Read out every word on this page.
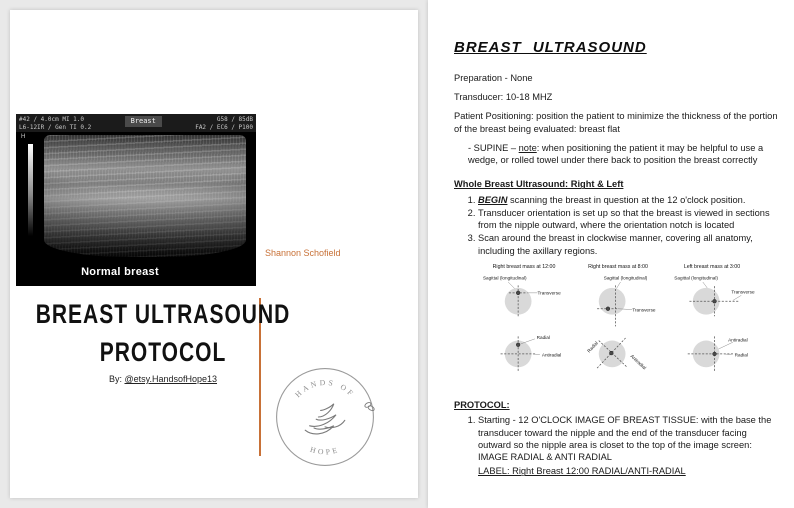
#42 / 4.0cm MI 1.0
L6-12IR / Gen TI 0.2
Breast	G58 / 85dB
FA2 / EC6 / P100
H
Normal breast
Shannon Schofield
BREAST ULTRASOUND
PROTOCOL
By: @etsy.HandsofHope13
HANDS OF
HOPE
BREAST ULTRASOUND
Preparation - None
Transducer: 10-18 MHZ

Patient Positioning: position the patient to minimize the thickness of the portion of the breast being evaluated: breast flat

- SUPINE – note: when positioning the patient it may be helpful to use a wedge, or rolled towel under there back to position the breast correctly

Whole Breast Ultrasound: Right & Left
1. BEGIN scanning the breast in question at the 12 o'clock position.
2. Transducer orientation is set up so that the breast is viewed in sections from the nipple outward, where the orientation notch is located
3. Scan around the breast in clockwise manner, covering all anatomy, including the axillary regions.
Right breast mass at 12:00
Sagittal (longitudinal)
Transverse
Radial
Antiradial
Right breast mass at 8:00
Sagittal (longitudinal)
Transverse
Radial
Antiradial
Left breast mass at 3:00
Sagittal (longitudinal)
Transverse
Antiradial
Radial
PROTOCOL:
1. Starting - 12 O'CLOCK IMAGE OF BREAST TISSUE: with the base the transducer toward the nipple and the end of the transducer facing outward so the nipple area is closet to the top of the image screen: IMAGE RADIAL & ANTI RADIAL
LABEL: Right Breast 12:00 RADIAL/ANTI-RADIAL
